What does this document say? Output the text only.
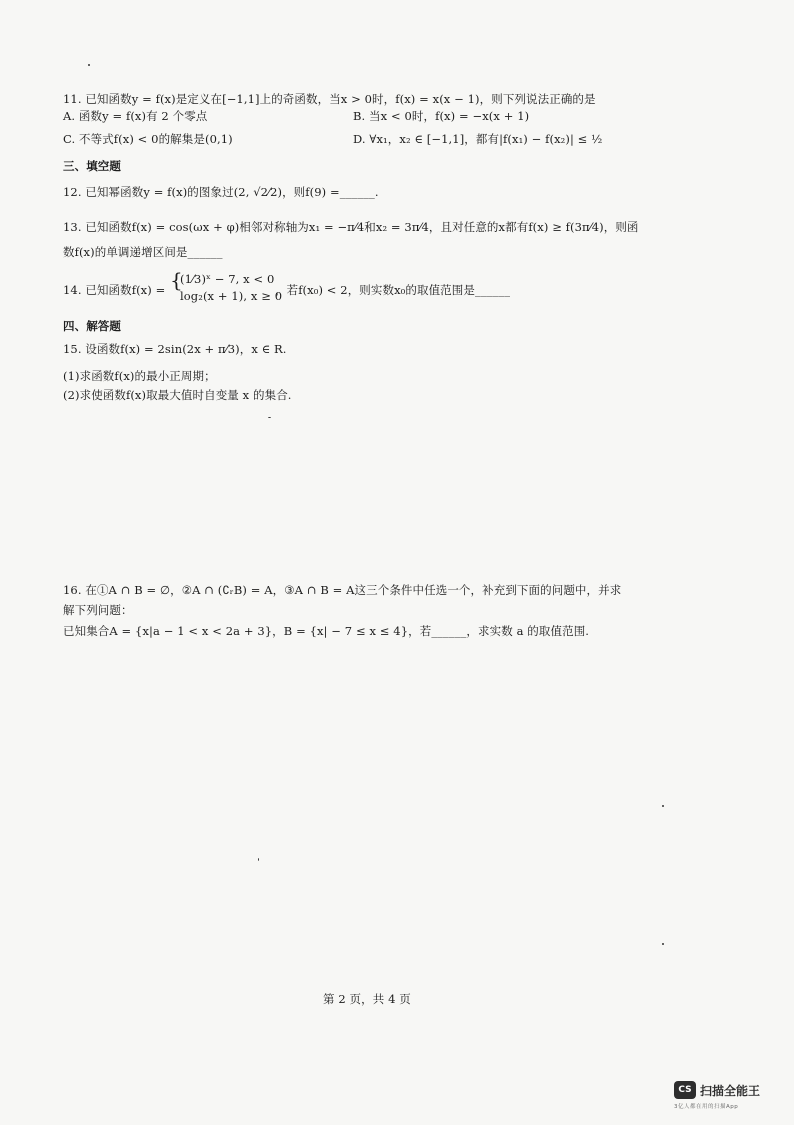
11. 已知函数y = f(x)是定义在[−1,1]上的奇函数，当x > 0时，f(x) = x(x − 1)，则下列说法正确的是
A. 函数y = f(x)有 2 个零点	B. 当x < 0时，f(x) = −x(x + 1)
C. 不等式f(x) < 0的解集是(0,1)	D. ∀x₁，x₂ ∈ [−1,1]，都有|f(x₁) − f(x₂)| ≤ ½
三、填空题
12. 已知幂函数y = f(x)的图象过(2, √2⁄2)，则f(9) =______.
13. 已知函数f(x) = cos(ωx + φ)相邻对称轴为x₁ = −π⁄4和x₂ = 3π⁄4，且对任意的x都有f(x) ≥ f(3π⁄4)，则函
数f(x)的单调递增区间是______
14. 已知函数f(x) = {
(1⁄3)ˣ − 7, x < 0
log₂(x + 1), x ≥ 0
，若f(x₀) < 2，则实数x₀的取值范围是______
四、解答题
15. 设函数f(x) = 2sin(2x + π⁄3)，x ∈ R.
(1)求函数f(x)的最小正周期；
(2)求使函数f(x)取最大值时自变量 x 的集合.
16. 在①A ∩ B = ∅，②A ∩ (∁ᵣB) = A，③A ∩ B = A这三个条件中任选一个，补充到下面的问题中，并求
解下列问题：
已知集合A = {x|a − 1 < x < 2a + 3}，B = {x| − 7 ≤ x ≤ 4}，若______，求实数 a 的取值范围.
第 2 页，共 4 页
CS 扫描全能王
3亿人都在用的扫描App
